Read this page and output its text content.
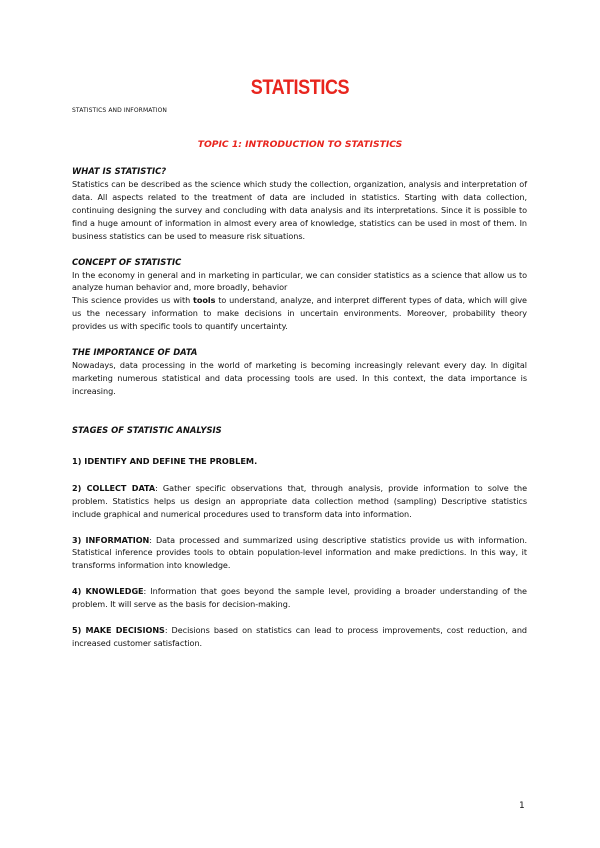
STATISTICS
STATISTICS AND INFORMATION
TOPIC 1: INTRODUCTION TO STATISTICS

WHAT IS STATISTIC?

Statistics can be described as the science which study the collection, organization, analysis and interpretation of data. All aspects related to the treatment of data are included in statistics. Starting with data collection, continuing designing the survey and concluding with data analysis and its interpretations. Since it is possible to find a huge amount of information in almost every area of knowledge, statistics can be used in most of them. In business statistics can be used to measure risk situations.

CONCEPT OF STATISTIC

In the economy in general and in marketing in particular, we can consider statistics as a science that allow us to analyze human behavior and, more broadly, behavior

This science provides us with tools to understand, analyze, and interpret different types of data, which will give us the necessary information to make decisions in uncertain environments. Moreover, probability theory provides us with specific tools to quantify uncertainty.

THE IMPORTANCE OF DATA

Nowadays, data processing in the world of marketing is becoming increasingly relevant every day. In digital marketing numerous statistical and data processing tools are used. In this context, the data importance is increasing.

STAGES OF STATISTIC ANALYSIS

1) IDENTIFY AND DEFINE THE PROBLEM.

2) COLLECT DATA: Gather specific observations that, through analysis, provide information to solve the problem. Statistics helps us design an appropriate data collection method (sampling) Descriptive statistics include graphical and numerical procedures used to transform data into information.

3) INFORMATION: Data processed and summarized using descriptive statistics provide us with information. Statistical inference provides tools to obtain population-level information and make predictions. In this way, it transforms information into knowledge.

4) KNOWLEDGE: Information that goes beyond the sample level, providing a broader understanding of the problem. It will serve as the basis for decision-making.

5) MAKE DECISIONS: Decisions based on statistics can lead to process improvements, cost reduction, and increased customer satisfaction.

1
